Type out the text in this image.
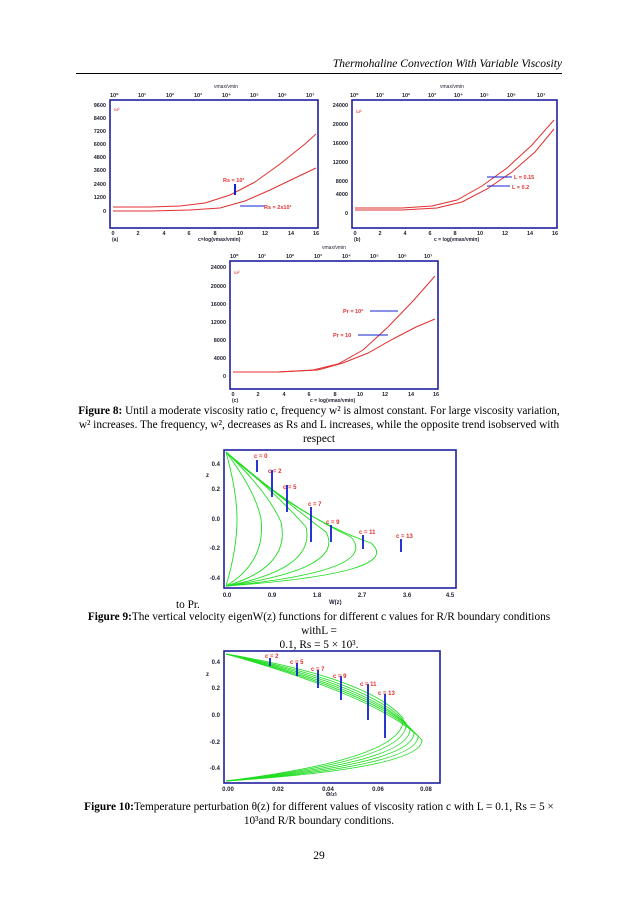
Thermohaline Convection With Variable Viscosity
νmax/νmin
10⁰	10¹	10²	10³	10⁴	10⁵	10⁶	10⁷
9600
8400
7200
6000
4800
3600
2400
1200
0
ω²
Rs = 10³
Rs = 2x10³
0	2	4	6	8	10	12	14	16
(a)	c=log(νmax/νmin)
νmax/νmin
10⁰	10¹	10²	10³	10⁴	10⁵	10⁶	10⁷
24000
20000
16000
12000
8000
4000
0
ω²
L = 0.15
L = 0.2
0	2	4	6	8	10	12	14	16
(b)	c = log(νmax/νmin)
νmax/νmin
10⁰	10¹	10²	10³	10⁴	10⁵	10⁶	10⁷
24000
20000
16000
12000
8000
4000
0
ω²
Pr = 10²
Pr = 10
0	2	4	6	8	10	12	14	16
(c)	c = log(νmax/νmin)
Figure 8: Until a moderate viscosity ratio c, frequency w² is almost constant. For large viscosity variation, w² increases. The frequency, w², decreases as Rs and L increases, while the opposite trend isobserved with respect
0.4
0.2
0.0
-0.2
-0.4
z
c = 0
c = 2
c = 5
c = 7
c = 9
c = 11
c = 13
0.0	0.9	1.8	2.7	3.6	4.5
W(z)
to Pr.
Figure 9:The vertical velocity eigenW(z) functions for different c values for R/R boundary conditions withL =
0.1, Rs = 5 × 10³.
0.4
0.2
0.0
-0.2
-0.4
z
c = 2
c = 5
c = 7
c = 9
c = 11
c = 13
0.00	0.02	0.04	0.06	0.08
Θ(z)
Figure 10:Temperature perturbation θ(z) for different values of viscosity ration c with L = 0.1, Rs = 5 ×
10³and R/R boundary conditions.
29
